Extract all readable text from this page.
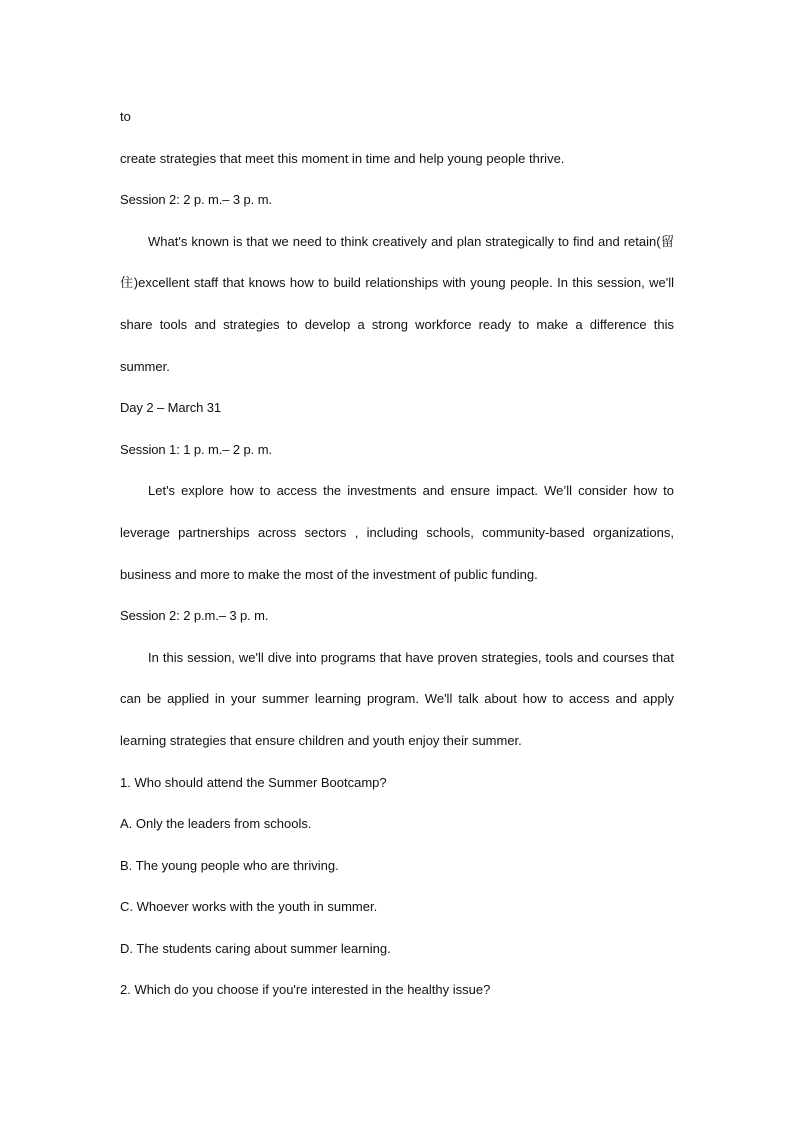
to

create strategies that meet this moment in time and help young people thrive.

Session 2: 2 p. m.– 3 p. m.

What's known is that we need to think creatively and plan strategically to find and retain(留住)excellent staff that knows how to build relationships with young people. In this session, we'll share tools and strategies to develop a strong workforce ready to make a difference this summer.

Day 2 – March 31

Session 1: 1 p. m.– 2 p. m.

Let's explore how to access the investments and ensure impact. We’ll consider how to leverage partnerships across sectors , including schools, community-based organizations, business and more to make the most of the investment of public funding.

Session 2: 2 p.m.– 3 p. m.

In this session, we'll dive into programs that have proven strategies, tools and courses that can be applied in your summer learning program. We'll talk about how to access and apply learning strategies that ensure children and youth enjoy their summer.

1. Who should attend the Summer Bootcamp?

A. Only the leaders from schools.

B. The young people who are thriving.

C. Whoever works with the youth in summer.

D. The students caring about summer learning.

2. Which do you choose if you're interested in the healthy issue?
